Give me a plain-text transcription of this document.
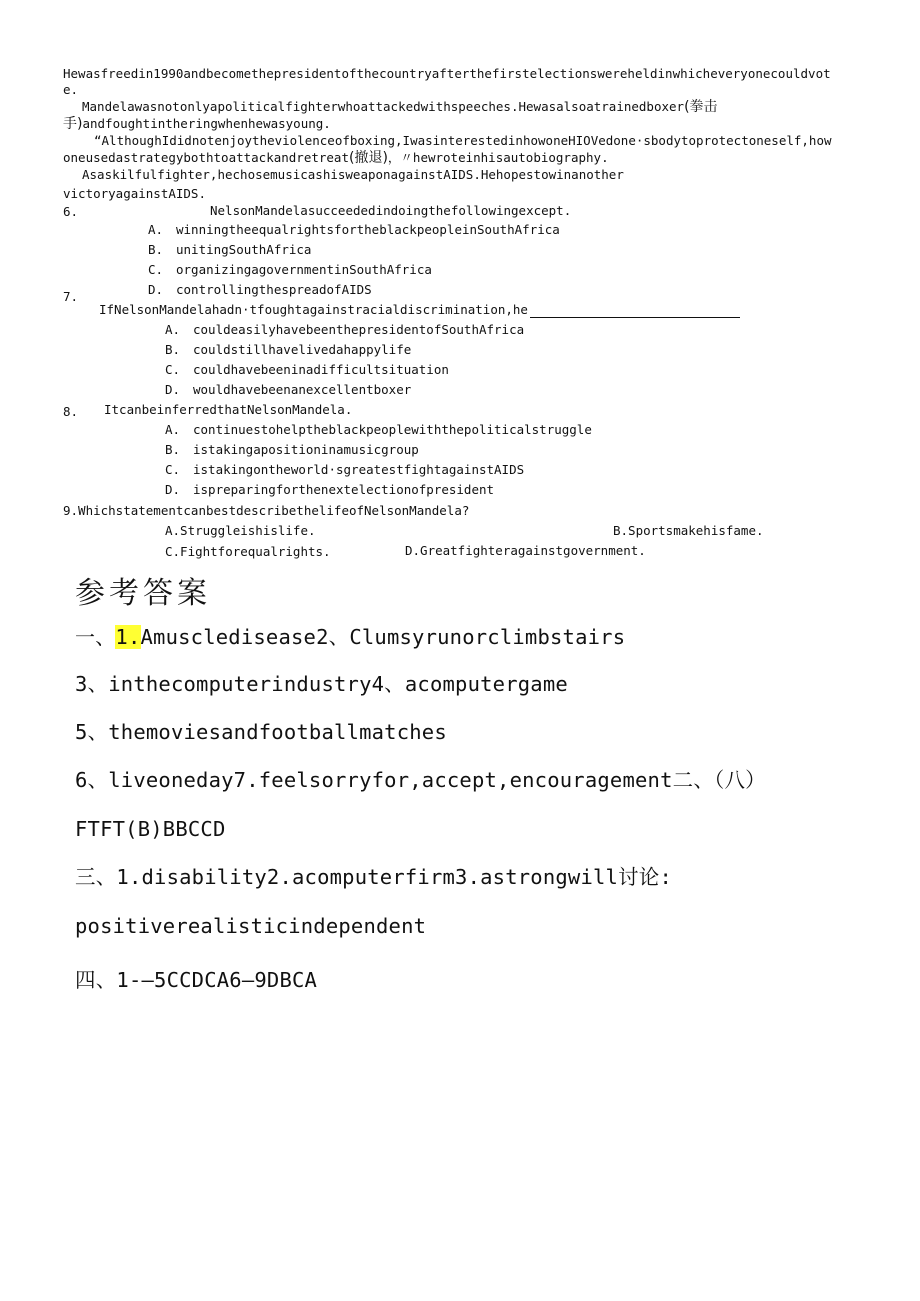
Hewasfreedin1990andbecomethepresidentofthecountryafterthefirstelectionswereheldinwhicheveryonecouldvot
e.
Mandelawasnotonlyapoliticalfighterwhoattackedwithspeeches.Hewasalsoatrainedboxer(拳击
手)andfoughtintheringwhenhewasyoung.
“AlthoughIdidnotenjoytheviolenceofboxing,IwasinterestedinhowoneHIOVedone·sbodytoprotectoneself,how
oneusedastrategybothtoattackandretreat(撤退)，〃hewroteinhisautobiography.
Asaskilfulfighter,hechosemusicashisweaponagainstAIDS.Hehopestowinanother
victoryagainstAIDS.
6.	NelsonMandelasucceededindoingthefollowingexcept.
A. winningtheequalrightsfortheblackpeopleinSouthAfrica
B. unitingSouthAfrica
C. organizingagovernmentinSouthAfrica
D. controllingthespreadofAIDS
7.
IfNelsonMandelahadn·tfoughtagainstracialdiscrimination,he
A. couldeasilyhavebeenthepresidentofSouthAfrica
B. couldstillhavelivedahappylife
C. couldhavebeeninadifficultsituation
D. wouldhavebeenanexcellentboxer
8. ItcanbeinferredthatNelsonMandela.
A. continuestohelptheblackpeoplewiththepoliticalstruggle
B. istakingapositioninamusicgroup
C. istakingontheworld·sgreatestfightagainstAIDS
D. ispreparingforthenextelectionofpresident
9.WhichstatementcanbestdescribethelifeofNelsonMandela?
A.Struggleishislife.	B.Sportsmakehisfame.
C.Fightforequalrights.	D.Greatfighteragainstgovernment.
参考答案
一、1.Amuscledisease2、Clumsyrunorclimbstairs
3、inthecomputerindustry4、acomputergame
5、themoviesandfootballmatches
6、liveoneday7.feelsorryfor,accept,encouragement二、（八）
FTFT(B)BBCCD
三、1.disability2.acomputerfirm3.astrongwill讨论:
positiverealisticindependent
四、1-—5CCDCA6—9DBCA
